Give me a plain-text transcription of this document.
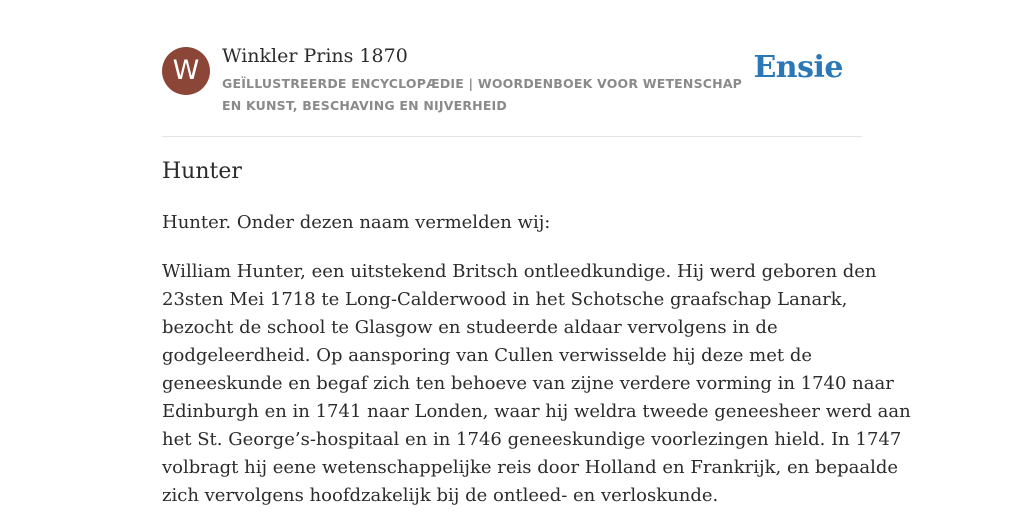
W	Winkler Prins 1870
GEÏLLUSTREERDE ENCYCLOPÆDIE | WOORDENBOEK VOOR WETENSCHAP EN KUNST, BESCHAVING EN NIJVERHEID
Ensie
Hunter

Hunter. Onder dezen naam vermelden wij:

William Hunter, een uitstekend Britsch ontleedkundige. Hij werd geboren den
23sten Mei 1718 te Long-Calderwood in het Schotsche graafschap Lanark,
bezocht de school te Glasgow en studeerde aldaar vervolgens in de
godgeleerdheid. Op aansporing van Cullen verwisselde hij deze met de
geneeskunde en begaf zich ten behoeve van zijne verdere vorming in 1740 naar
Edinburgh en in 1741 naar Londen, waar hij weldra tweede geneesheer werd aan
het St. George’s-hospitaal en in 1746 geneeskundige voorlezingen hield. In 1747
volbragt hij eene wetenschappelijke reis door Holland en Frankrijk, en bepaalde
zich vervolgens hoofdzakelijk bij de ontleed- en verloskunde.
